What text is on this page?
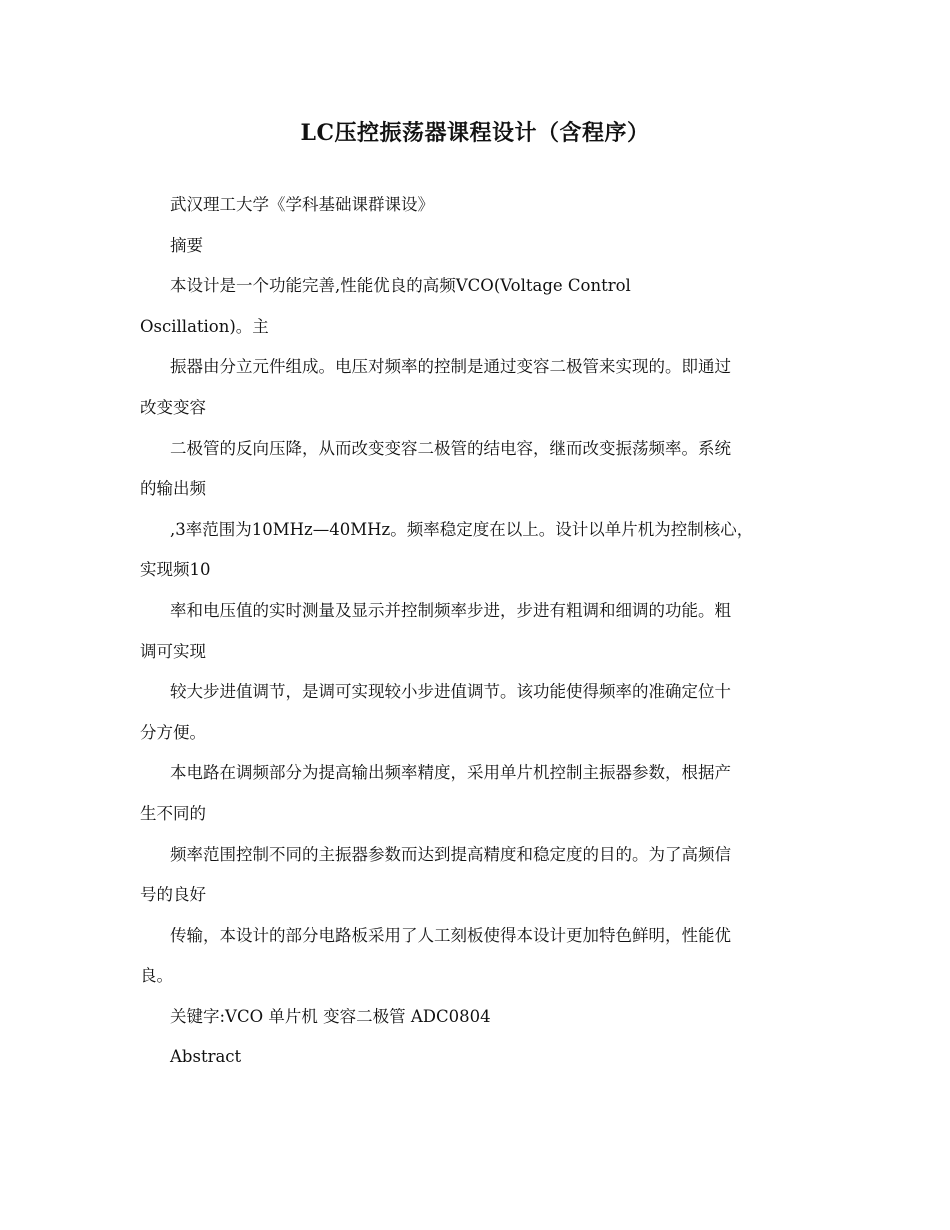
LC压控振荡器课程设计（含程序）
武汉理工大学《学科基础课群课设》
摘要
本设计是一个功能完善,性能优良的高频VCO(Voltage Control
Oscillation)。主
振器由分立元件组成。电压对频率的控制是通过变容二极管来实现的。即通过
改变变容
二极管的反向压降，从而改变变容二极管的结电容，继而改变振荡频率。系统
的输出频
,3率范围为10MHz—40MHz。频率稳定度在以上。设计以单片机为控制核心，
实现频10
率和电压值的实时测量及显示并控制频率步进，步进有粗调和细调的功能。粗
调可实现
较大步进值调节，是调可实现较小步进值调节。该功能使得频率的准确定位十
分方便。
本电路在调频部分为提高输出频率精度，采用单片机控制主振器参数，根据产
生不同的
频率范围控制不同的主振器参数而达到提高精度和稳定度的目的。为了高频信
号的良好
传输，本设计的部分电路板采用了人工刻板使得本设计更加特色鲜明，性能优
良。
关键字:VCO 单片机 变容二极管 ADC0804
Abstract
